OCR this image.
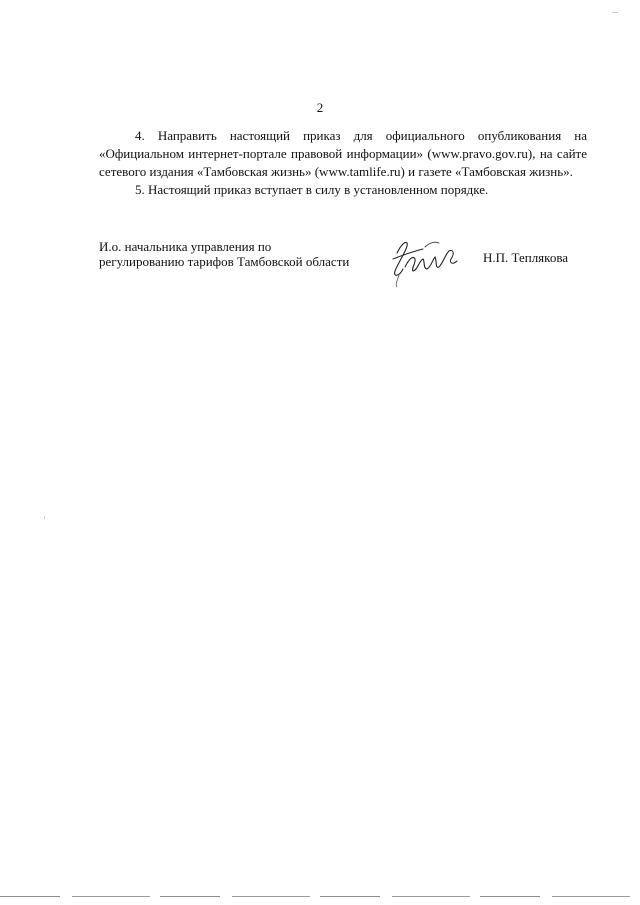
2

4. Направить настоящий приказ для официального опубликования на «Официальном интернет-портале правовой информации» (www.pravo.gov.ru), на сайте сетевого издания «Тамбовская жизнь» (www.tamlife.ru) и газете «Тамбовская жизнь».

5. Настоящий приказ вступает в силу в установленном порядке.

И.о. начальника управления по
регулированию тарифов Тамбовской области	Н.П. Теплякова
